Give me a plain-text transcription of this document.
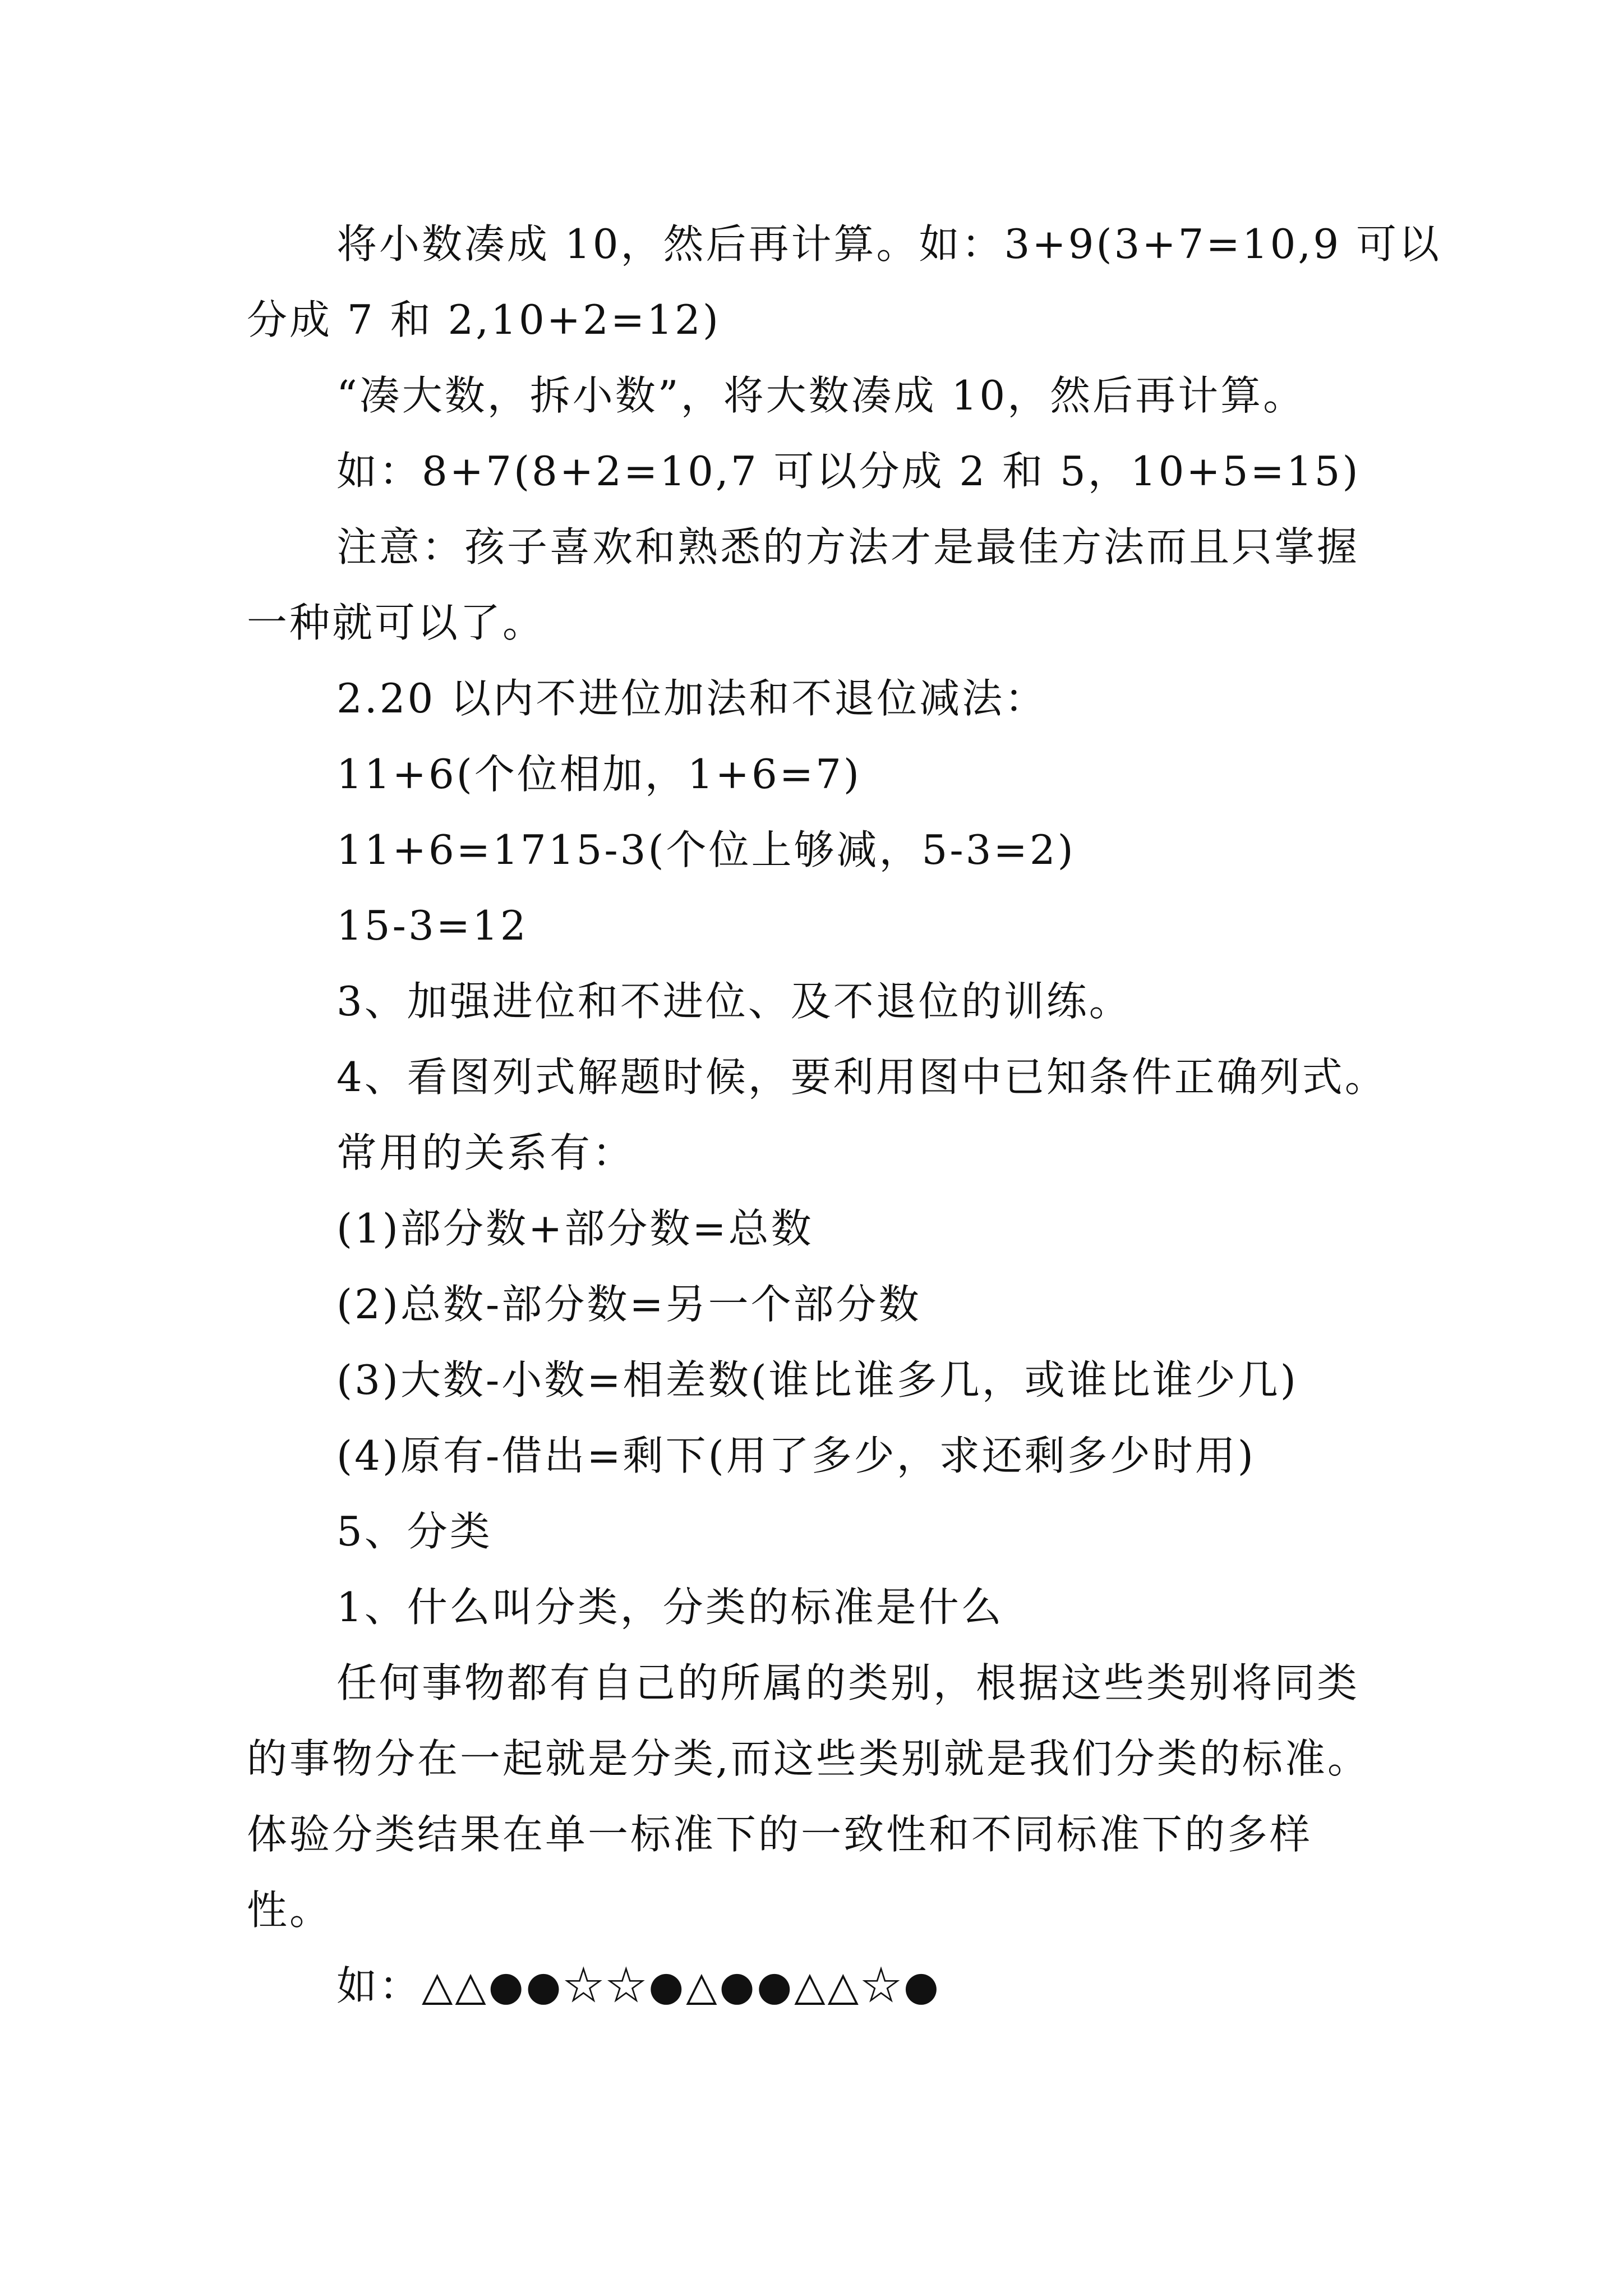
将小数凑成 10，然后再计算。如：3+9(3+7=10,9 可以
分成 7 和 2,10+2=12)
“凑大数，拆小数”，将大数凑成 10，然后再计算。
如：8+7(8+2=10,7 可以分成 2 和 5，10+5=15)
注意：孩子喜欢和熟悉的方法才是最佳方法而且只掌握
一种就可以了。
2.20 以内不进位加法和不退位减法：
11+6(个位相加，1+6=7)
11+6=1715-3(个位上够减，5-3=2)
15-3=12
3、加强进位和不进位、及不退位的训练。
4、看图列式解题时候，要利用图中已知条件正确列式。
常用的关系有：
(1)部分数+部分数=总数
(2)总数-部分数=另一个部分数
(3)大数-小数=相差数(谁比谁多几，或谁比谁少几)
(4)原有-借出=剩下(用了多少，求还剩多少时用)
5、分类
1、什么叫分类，分类的标准是什么
任何事物都有自己的所属的类别，根据这些类别将同类
的事物分在一起就是分类,而这些类别就是我们分类的标准。
体验分类结果在单一标准下的一致性和不同标准下的多样
性。
如：△△●●☆☆●△●●△△☆●
